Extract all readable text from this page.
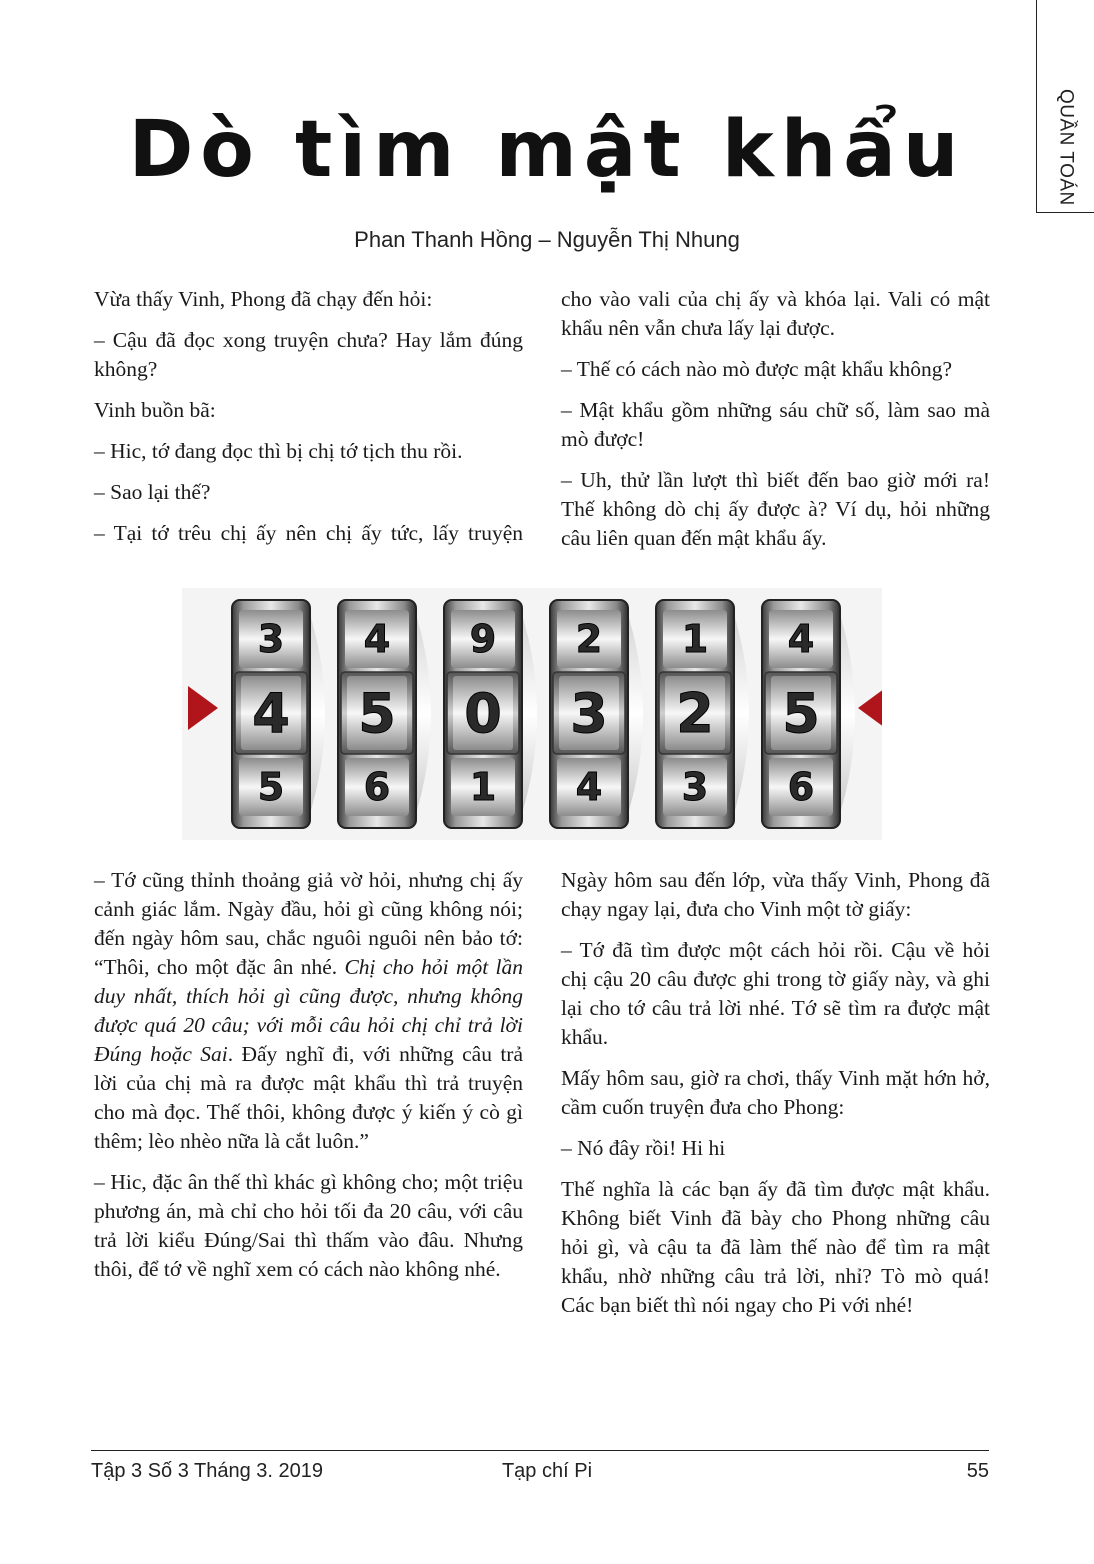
QUẦN TOÁN
Dò tìm mật khẩu
Phan Thanh Hồng – Nguyễn Thị Nhung

Vừa thấy Vinh, Phong đã chạy đến hỏi:

– Cậu đã đọc xong truyện chưa? Hay lắm đúng không?

Vinh buồn bã:

– Hic, tớ đang đọc thì bị chị tớ tịch thu rồi.

– Sao lại thế?

– Tại tớ trêu chị ấy nên chị ấy tức, lấy truyện

cho vào vali của chị ấy và khóa lại. Vali có mật khẩu nên vẫn chưa lấy lại được.

– Thế có cách nào mò được mật khẩu không?

– Mật khẩu gồm những sáu chữ số, làm sao mà mò được!

– Uh, thử lần lượt thì biết đến bao giờ mới ra! Thế không dò chị ấy được à? Ví dụ, hỏi những câu liên quan đến mật khẩu ấy.

3
4
5
4
5
6
9
0
1
2
3
4
1
2
3
4
5
6

– Tớ cũng thỉnh thoảng giả vờ hỏi, nhưng chị ấy cảnh giác lắm. Ngày đầu, hỏi gì cũng không nói; đến ngày hôm sau, chắc nguôi nguôi nên bảo tớ: “Thôi, cho một đặc ân nhé. Chị cho hỏi một lần duy nhất, thích hỏi gì cũng được, nhưng không được quá 20 câu; với mỗi câu hỏi chị chỉ trả lời Đúng hoặc Sai. Đấy nghĩ đi, với những câu trả lời của chị mà ra được mật khẩu thì trả truyện cho mà đọc. Thế thôi, không được ý kiến ý cò gì thêm; lèo nhèo nữa là cắt luôn.”

– Hic, đặc ân thế thì khác gì không cho; một triệu phương án, mà chỉ cho hỏi tối đa 20 câu, với câu trả lời kiểu Đúng/Sai thì thấm vào đâu. Nhưng thôi, để tớ về nghĩ xem có cách nào không nhé.

Ngày hôm sau đến lớp, vừa thấy Vinh, Phong đã chạy ngay lại, đưa cho Vinh một tờ giấy:

– Tớ đã tìm được một cách hỏi rồi. Cậu về hỏi chị cậu 20 câu được ghi trong tờ giấy này, và ghi lại cho tớ câu trả lời nhé. Tớ sẽ tìm ra được mật khẩu.

Mấy hôm sau, giờ ra chơi, thấy Vinh mặt hớn hở, cầm cuốn truyện đưa cho Phong:

– Nó đây rồi! Hi hi

Thế nghĩa là các bạn ấy đã tìm được mật khẩu. Không biết Vinh đã bày cho Phong những câu hỏi gì, và cậu ta đã làm thế nào để tìm ra mật khẩu, nhờ những câu trả lời, nhỉ? Tò mò quá! Các bạn biết thì nói ngay cho Pi với nhé!

Tập 3 Số 3 Tháng 3. 2019	Tạp chí Pi	55
